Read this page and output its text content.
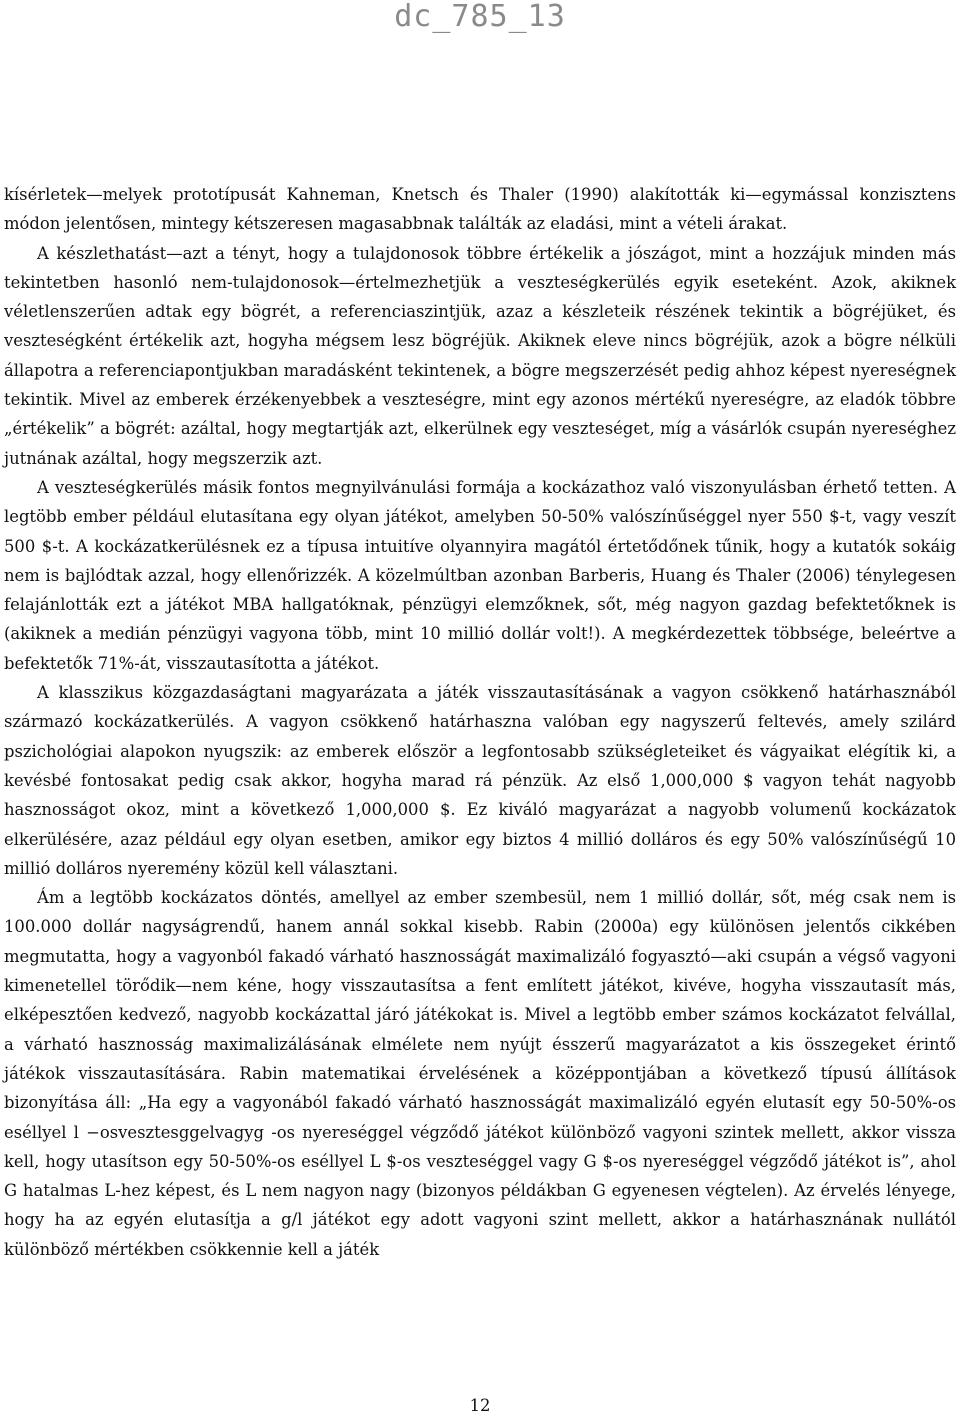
dc_785_13

kísérletek—melyek prototípusát Kahneman, Knetsch és Thaler (1990) alakították ki—egymással konzisztens módon jelentősen, mintegy kétszeresen magasabbnak találták az eladási, mint a vételi árakat.

A készlethatást—azt a tényt, hogy a tulajdonosok többre értékelik a jószágot, mint a hozzájuk minden más tekintetben hasonló nem-tulajdonosok—értelmezhetjük a veszteségkerülés egyik eseteként. Azok, akiknek véletlenszerűen adtak egy bögrét, a referenciaszintjük, azaz a készleteik részének tekintik a bögréjüket, és veszteségként értékelik azt, hogyha mégsem lesz bögréjük. Akiknek eleve nincs bögréjük, azok a bögre nélküli állapotra a referenciapontjukban maradásként tekintenek, a bögre megszerzését pedig ahhoz képest nyereségnek tekintik. Mivel az emberek érzékenyebbek a veszteségre, mint egy azonos mértékű nyereségre, az eladók többre „értékelik” a bögrét: azáltal, hogy megtartják azt, elkerülnek egy veszteséget, míg a vásárlók csupán nyereséghez jutnának azáltal, hogy megszerzik azt.

A veszteségkerülés másik fontos megnyilvánulási formája a kockázathoz való viszonyulásban érhető tetten. A legtöbb ember például elutasítana egy olyan játékot, amelyben 50-50% valószínűséggel nyer 550 $-t, vagy veszít 500 $-t. A kockázatkerülésnek ez a típusa intuitíve olyannyira magától értetődőnek tűnik, hogy a kutatók sokáig nem is bajlódtak azzal, hogy ellenőrizzék. A közelmúltban azonban Barberis, Huang és Thaler (2006) ténylegesen felajánlották ezt a játékot MBA hallgatóknak, pénzügyi elemzőknek, sőt, még nagyon gazdag befektetőknek is (akiknek a medián pénzügyi vagyona több, mint 10 millió dollár volt!). A megkérdezettek többsége, beleértve a befektetők 71%-át, visszautasította a játékot.

A klasszikus közgazdaságtani magyarázata a játék visszautasításának a vagyon csökkenő határhasznából származó kockázatkerülés. A vagyon csökkenő határhaszna valóban egy nagyszerű feltevés, amely szilárd pszichológiai alapokon nyugszik: az emberek először a legfontosabb szükségleteiket és vágyaikat elégítik ki, a kevésbé fontosakat pedig csak akkor, hogyha marad rá pénzük. Az első 1,000,000 $ vagyon tehát nagyobb hasznosságot okoz, mint a következő 1,000,000 $. Ez kiváló magyarázat a nagyobb volumenű kockázatok elkerülésére, azaz például egy olyan esetben, amikor egy biztos 4 millió dolláros és egy 50% valószínűségű 10 millió dolláros nyeremény közül kell választani.

Ám a legtöbb kockázatos döntés, amellyel az ember szembesül, nem 1 millió dollár, sőt, még csak nem is 100.000 dollár nagyságrendű, hanem annál sokkal kisebb. Rabin (2000a) egy különösen jelentős cikkében megmutatta, hogy a vagyonból fakadó várható hasznosságát maximalizáló fogyasztó—aki csupán a végső vagyoni kimenetellel törődik—nem kéne, hogy visszautasítsa a fent említett játékot, kivéve, hogyha visszautasít más, elképesztően kedvező, nagyobb kockázattal járó játékokat is. Mivel a legtöbb ember számos kockázatot felvállal, a várható hasznosság maximalizálásának elmélete nem nyújt ésszerű magyarázatot a kis összegeket érintő játékok visszautasítására. Rabin matematikai érvelésének a középpontjában a következő típusú állítások bizonyítása áll: „Ha egy a vagyonából fakadó várható hasznosságát maximalizáló egyén elutasít egy 50-50%-os eséllyel l −osvesztesggelvagyg -os nyereséggel végződő játékot különböző vagyoni szintek mellett, akkor vissza kell, hogy utasítson egy 50-50%-os eséllyel L $-os veszteséggel vagy G $-os nyereséggel végződő játékot is”, ahol G hatalmas L-hez képest, és L nem nagyon nagy (bizonyos példákban G egyenesen végtelen). Az érvelés lényege, hogy ha az egyén elutasítja a g/l játékot egy adott vagyoni szint mellett, akkor a határhasznának nullától különböző mértékben csökkennie kell a játék

12
